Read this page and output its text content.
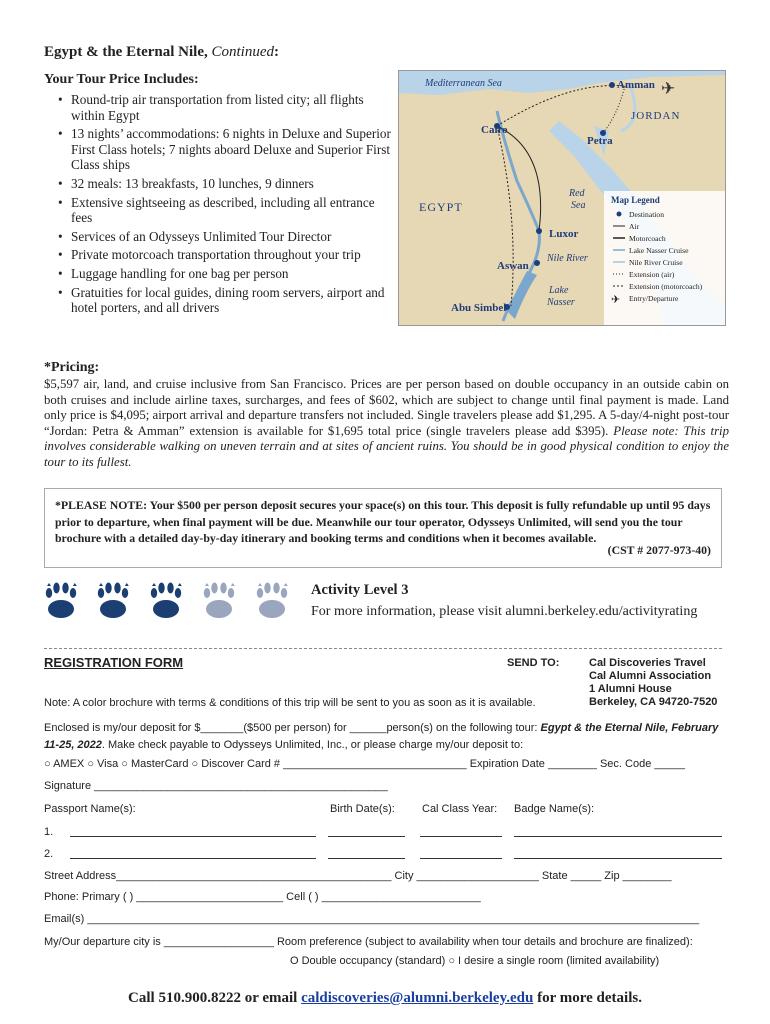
Egypt & the Eternal Nile, Continued:
Your Tour Price Includes:
• Round-trip air transportation from listed city; all flights within Egypt
• 13 nights’ accommodations: 6 nights in Deluxe and Superior First Class hotels; 7 nights aboard Deluxe and Superior First Class ships
• 32 meals: 13 breakfasts, 10 lunches, 9 dinners
• Extensive sightseeing as described, including all entrance fees
• Services of an Odysseys Unlimited Tour Director
• Private motorcoach transportation throughout your trip
• Luggage handling for one bag per person
• Gratuities for local guides, dining room servers, airport and hotel porters, and all drivers
Mediterranean Sea	Amman ✈
JORDAN
Cairo
Petra
EGYPT
Red
Sea
Luxor
Nile River
Aswan
Lake
Nasser
Abu Simbel
Map Legend
Destination
Air
Motorcoach
Lake Nasser Cruise
Nile River Cruise
Extension (air)
Extension (motorcoach)
✈ Entry/Departure
*Pricing:
$5,597 air, land, and cruise inclusive from San Francisco. Prices are per person based on double occupancy in an outside cabin on both cruises and include airline taxes, surcharges, and fees of $602, which are subject to change until final payment is made. Land only price is $4,095; airport arrival and departure transfers not included. Single travelers please add $1,295. A 5-day/4-night post-tour “Jordan: Petra & Amman” extension is available for $1,695 total price (single travelers please add $395). Please note: This trip involves considerable walking on uneven terrain and at sites of ancient ruins. You should be in good physical condition to enjoy the tour to its fullest.
*PLEASE NOTE: Your $500 per person deposit secures your space(s) on this tour. This deposit is fully refundable up until 95 days prior to departure, when final payment will be due. Meanwhile our tour operator, Odysseys Unlimited, will send you the tour brochure with a detailed day-by-day itinerary and booking terms and conditions when it becomes available.
(CST # 2077-973-40)
Activity Level 3
For more information, please visit alumni.berkeley.edu/activityrating
REGISTRATION FORM	SEND TO:	Cal Discoveries Travel
Cal Alumni Association
1 Alumni House
Berkeley, CA 94720-7520
Note: A color brochure with terms & conditions of this trip will be sent to you as soon as it is available.
Enclosed is my/our deposit for $_______($500 per person) for ______person(s) on the following tour: Egypt & the Eternal Nile, February 11-25, 2022. Make check payable to Odysseys Unlimited, Inc., or please charge my/our deposit to:
○ AMEX ○ Visa ○ MasterCard ○ Discover Card # ______________________________ Expiration Date ________ Sec. Code _____
Signature ________________________________________________
Passport Name(s):	Birth Date(s): Cal Class Year: Badge Name(s):
1.
2.
Street Address_____________________________________________ City ____________________ State _____ Zip ________
Phone: Primary ( ) ________________________ Cell ( ) __________________________
Email(s) ____________________________________________________________________________________________________
My/Our departure city is __________________ Room preference (subject to availability when tour details and brochure are finalized):
O Double occupancy (standard) ○ I desire a single room (limited availability)
Call 510.900.8222 or email caldiscoveries@alumni.berkeley.edu for more details.
